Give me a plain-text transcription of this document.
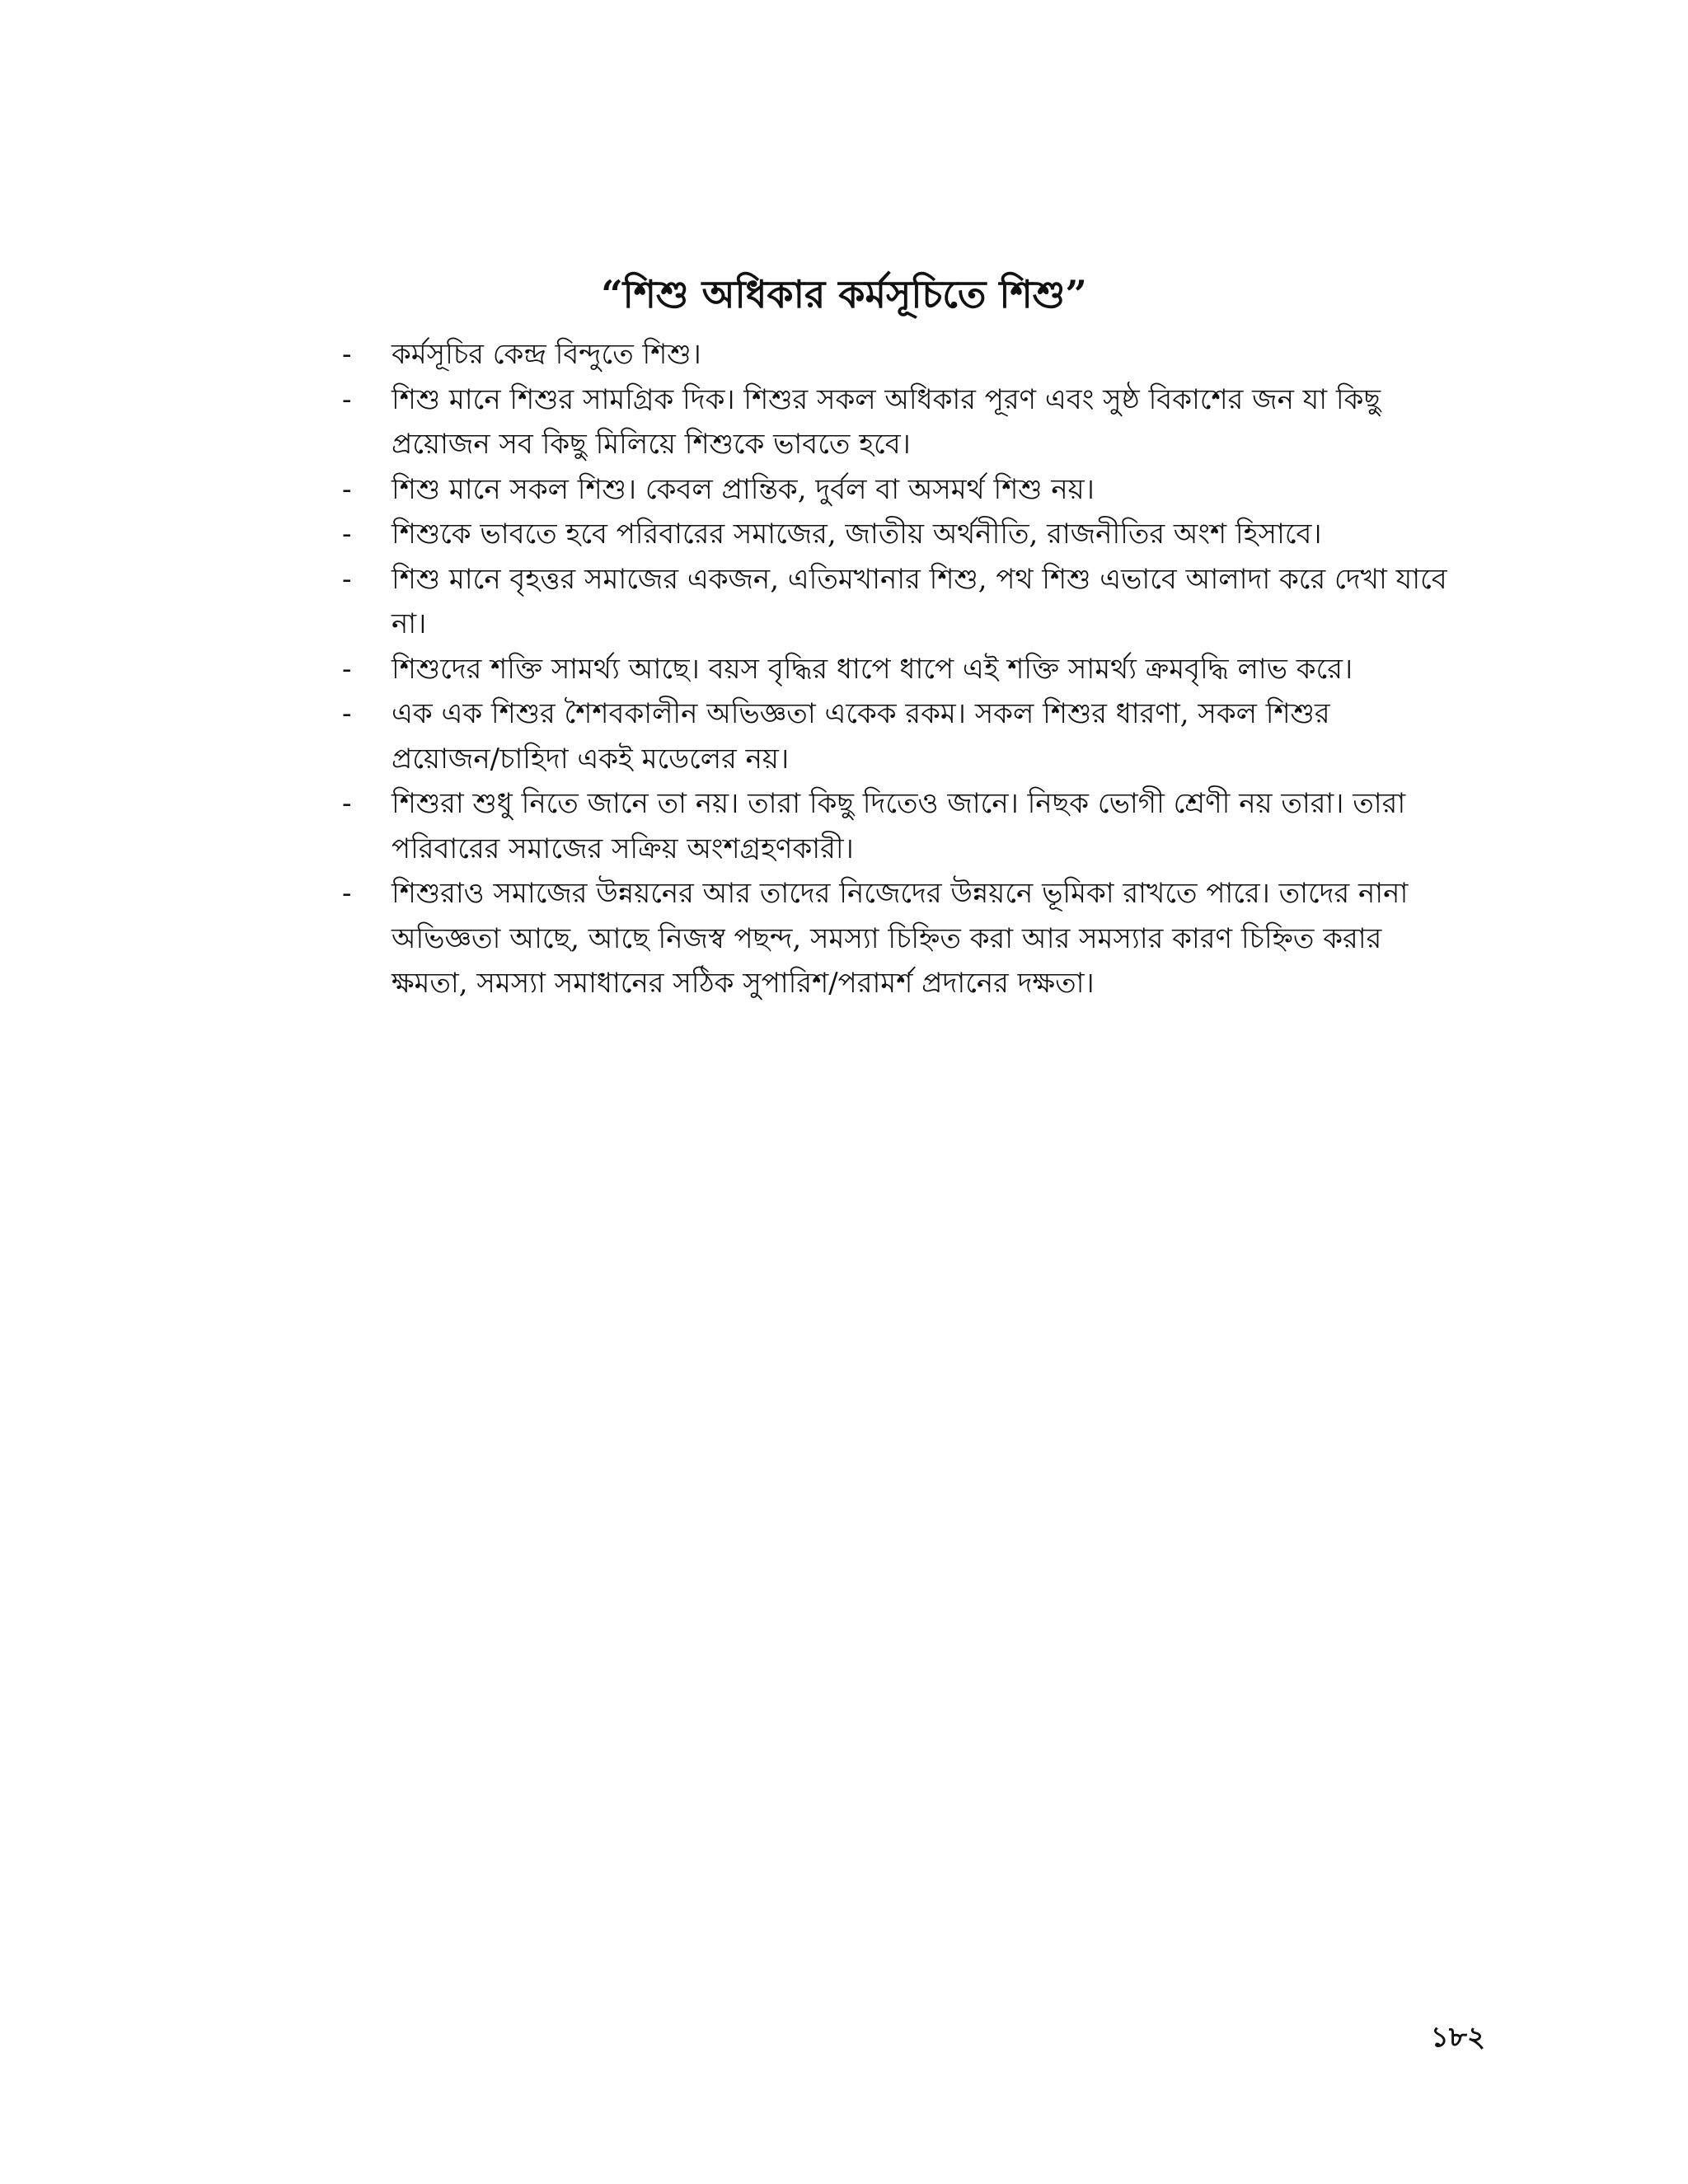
“শিশু অধিকার কর্মসূচিতে শিশু”
- কর্মসূচির কেন্দ্র বিন্দুতে শিশু।
- শিশু মানে শিশুর সামগ্রিক দিক। শিশুর সকল অধিকার পূরণ এবং সুষ্ঠ বিকাশের জন যা কিছু
প্রয়োজন সব কিছু মিলিয়ে শিশুকে ভাবতে হবে।
- শিশু মানে সকল শিশু। কেবল প্রান্তিক, দুর্বল বা অসমর্থ শিশু নয়।
- শিশুকে ভাবতে হবে পরিবারের সমাজের, জাতীয় অর্থনীতি, রাজনীতির অংশ হিসাবে।
- শিশু মানে বৃহত্তর সমাজের একজন, এতিমখানার শিশু, পথ শিশু এভাবে আলাদা করে দেখা যাবে
না।
- শিশুদের শক্তি সামর্থ্য আছে। বয়স বৃদ্ধির ধাপে ধাপে এই শক্তি সামর্থ্য ক্রমবৃদ্ধি লাভ করে।
- এক এক শিশুর শৈশবকালীন অভিজ্ঞতা একেক রকম। সকল শিশুর ধারণা, সকল শিশুর
প্রয়োজন/চাহিদা একই মডেলের নয়।
- শিশুরা শুধু নিতে জানে তা নয়। তারা কিছু দিতেও জানে। নিছক ভোগী শ্রেণী নয় তারা। তারা
পরিবারের সমাজের সক্রিয় অংশগ্রহণকারী।
- শিশুরাও সমাজের উন্নয়নের আর তাদের নিজেদের উন্নয়নে ভূমিকা রাখতে পারে। তাদের নানা
অভিজ্ঞতা আছে, আছে নিজস্ব পছন্দ, সমস্যা চিহ্নিত করা আর সমস্যার কারণ চিহ্নিত করার
ক্ষমতা, সমস্যা সমাধানের সঠিক সুপারিশ/পরামর্শ প্রদানের দক্ষতা।
১৮২
